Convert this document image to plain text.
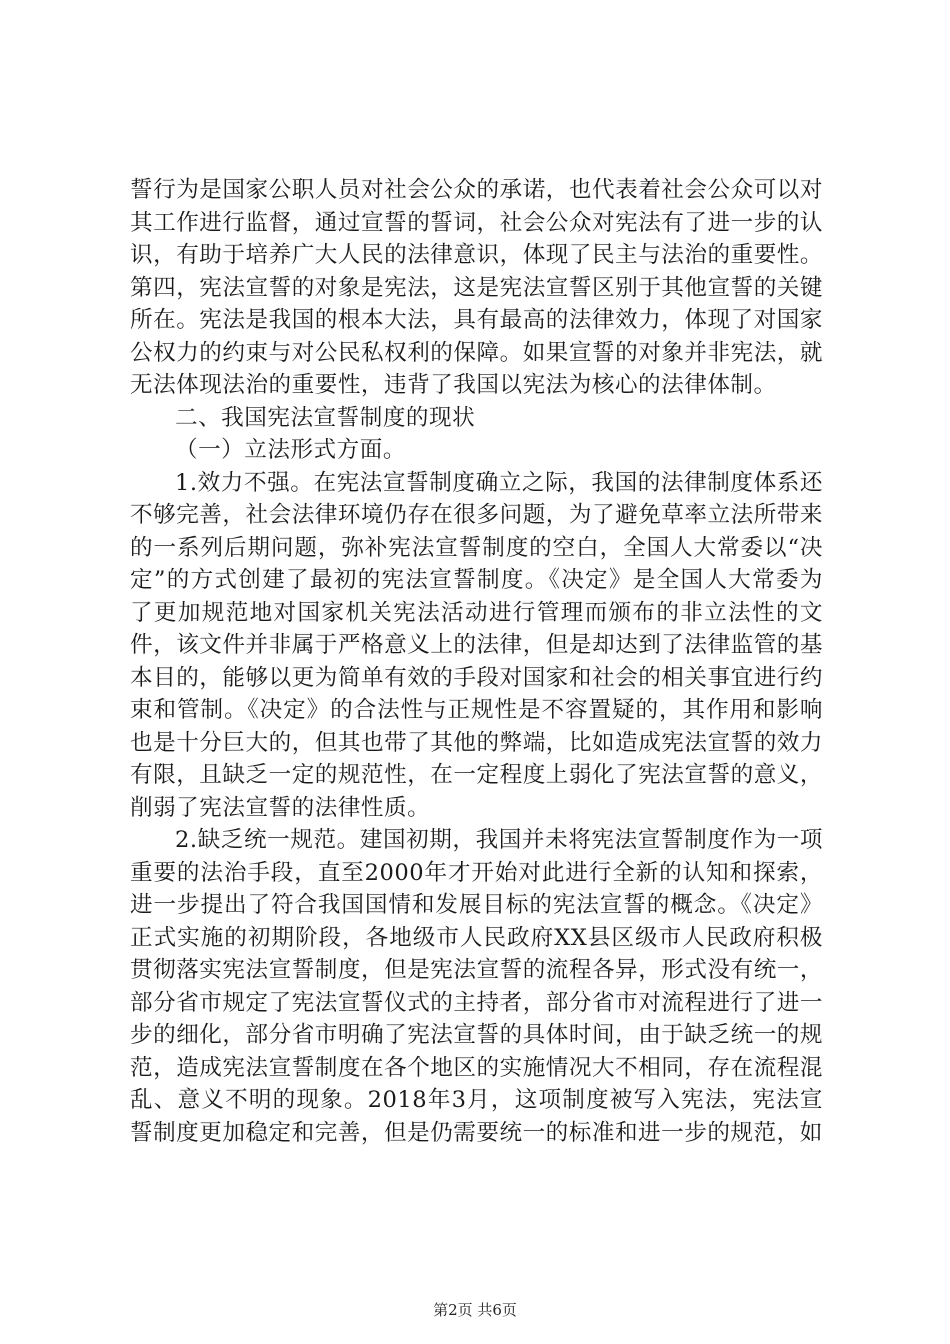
誓行为是国家公职人员对社会公众的承诺，也代表着社会公众可以对其工作进行监督，通过宣誓的誓词，社会公众对宪法有了进一步的认识，有助于培养广大人民的法律意识，体现了民主与法治的重要性。第四，宪法宣誓的对象是宪法，这是宪法宣誓区别于其他宣誓的关键所在。宪法是我国的根本大法，具有最高的法律效力，体现了对国家公权力的约束与对公民私权利的保障。如果宣誓的对象并非宪法，就无法体现法治的重要性，违背了我国以宪法为核心的法律体制。

二、我国宪法宣誓制度的现状

（一）立法形式方面。

1.效力不强。在宪法宣誓制度确立之际，我国的法律制度体系还不够完善，社会法律环境仍存在很多问题，为了避免草率立法所带来的一系列后期问题，弥补宪法宣誓制度的空白，全国人大常委以“决定”的方式创建了最初的宪法宣誓制度。《决定》是全国人大常委为了更加规范地对国家机关宪法活动进行管理而颁布的非立法性的文件，该文件并非属于严格意义上的法律，但是却达到了法律监管的基本目的，能够以更为简单有效的手段对国家和社会的相关事宜进行约束和管制。《决定》的合法性与正规性是不容置疑的，其作用和影响也是十分巨大的，但其也带了其他的弊端，比如造成宪法宣誓的效力有限，且缺乏一定的规范性，在一定程度上弱化了宪法宣誓的意义，削弱了宪法宣誓的法律性质。

2.缺乏统一规范。建国初期，我国并未将宪法宣誓制度作为一项重要的法治手段，直至2000年才开始对此进行全新的认知和探索，进一步提出了符合我国国情和发展目标的宪法宣誓的概念。《决定》正式实施的初期阶段，各地级市人民政府XX县区级市人民政府积极贯彻落实宪法宣誓制度，但是宪法宣誓的流程各异，形式没有统一，部分省市规定了宪法宣誓仪式的主持者，部分省市对流程进行了进一步的细化，部分省市明确了宪法宣誓的具体时间，由于缺乏统一的规范，造成宪法宣誓制度在各个地区的实施情况大不相同，存在流程混乱、意义不明的现象。2018年3月，这项制度被写入宪法，宪法宣誓制度更加稳定和完善，但是仍需要统一的标准和进一步的规范，如

第2页 共6页
